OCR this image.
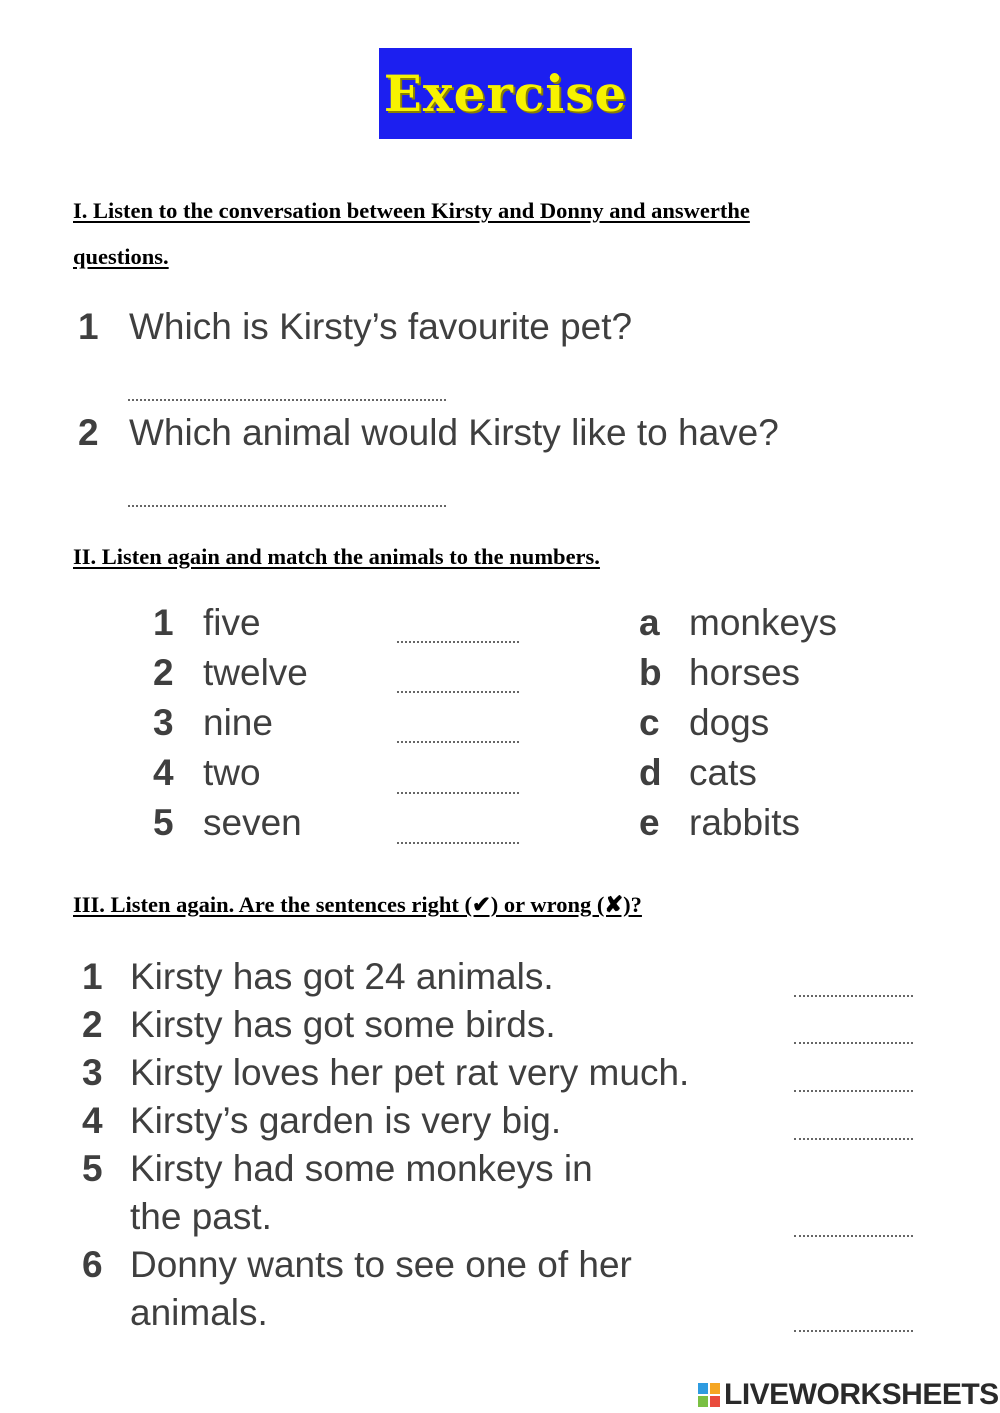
Exercise
I. Listen to the conversation between Kirsty and Donny and answerthe
questions.
1 Which is Kirsty’s favourite pet?
2 Which animal would Kirsty like to have?
II. Listen again and match the animals to the numbers.
1 five
2 twelve
3 nine
4 two
5 seven
a monkeys
b horses
c dogs
d cats
e rabbits
III. Listen again. Are the sentences right (✔) or wrong (✘)?
1 Kirsty has got 24 animals.
2 Kirsty has got some birds.
3 Kirsty loves her pet rat very much.
4 Kirsty’s garden is very big.
5 Kirsty had some monkeys in
the past.
6 Donny wants to see one of her
animals.
LIVEWORKSHEETS
